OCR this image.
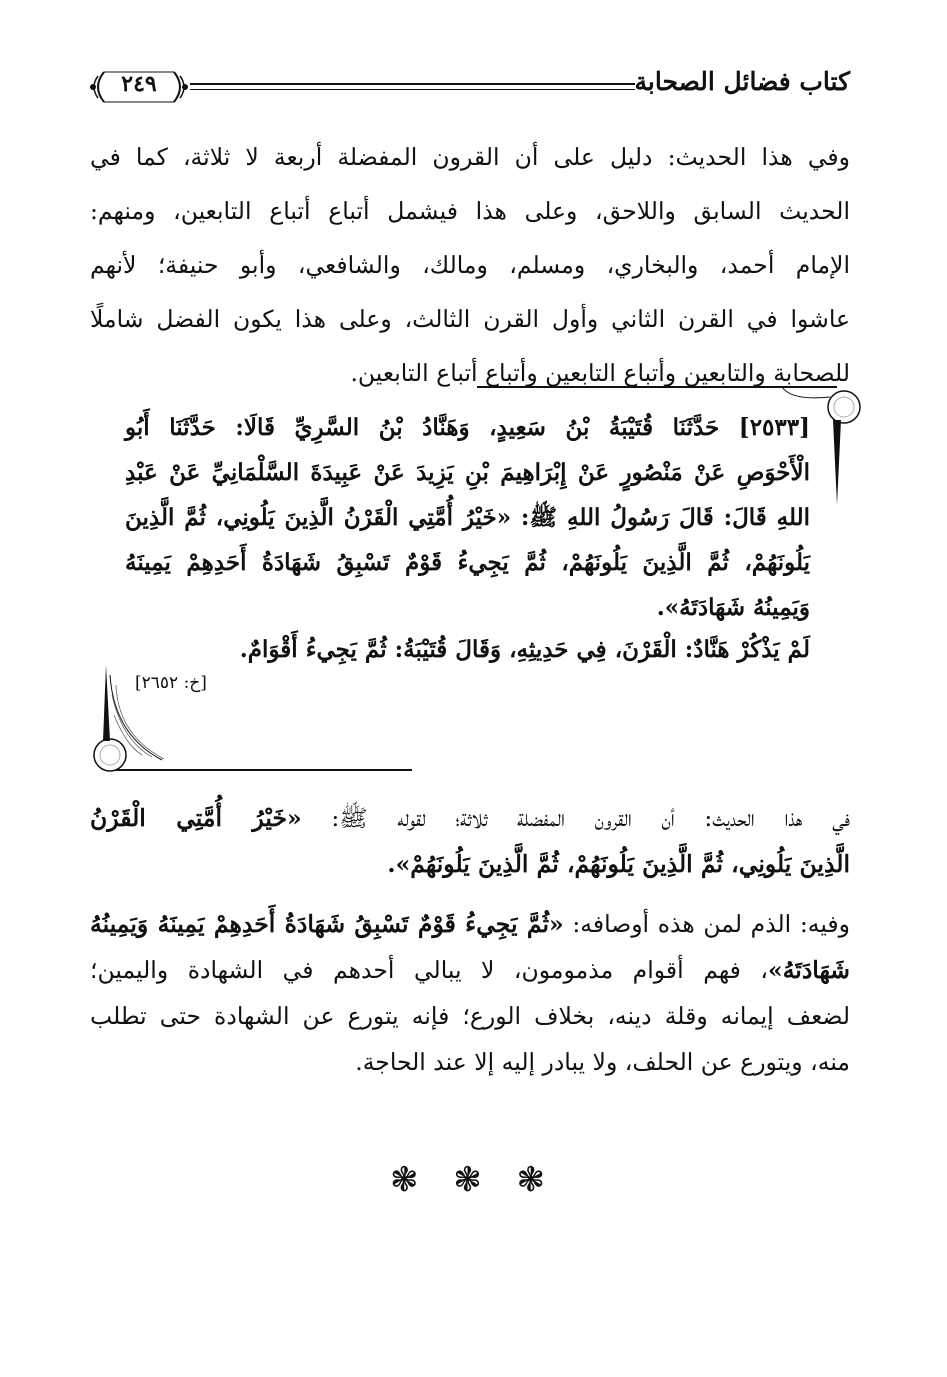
كتاب فضائل الصحابة
٢٤٩
وفي هذا الحديث: دليل على أن القرون المفضلة أربعة لا ثلاثة، كما في
الحديث السابق واللاحق، وعلى هذا فيشمل أتباع أتباع التابعين، ومنهم:
الإمام أحمد، والبخاري، ومسلم، ومالك، والشافعي، وأبو حنيفة؛ لأنهم
عاشوا في القرن الثاني وأول القرن الثالث، وعلى هذا يكون الفضل شاملًا
للصحابة والتابعين وأتباع التابعين وأتباع أتباع التابعين.
[٢٥٣٣] حَدَّثَنَا قُتَيْبَةُ بْنُ سَعِيدٍ، وَهَنَّادُ بْنُ السَّرِيِّ قَالَا: حَدَّثَنَا أَبُو
الْأَحْوَصِ عَنْ مَنْصُورٍ عَنْ إِبْرَاهِيمَ بْنِ يَزِيدَ عَنْ عَبِيدَةَ السَّلْمَانِيِّ عَنْ عَبْدِ
اللهِ قَالَ: قَالَ رَسُولُ اللهِ ﷺ: «خَيْرُ أُمَّتِي الْقَرْنُ الَّذِينَ يَلُونِي، ثُمَّ الَّذِينَ
يَلُونَهُمْ، ثُمَّ الَّذِينَ يَلُونَهُمْ، ثُمَّ يَجِيءُ قَوْمٌ تَسْبِقُ شَهَادَةُ أَحَدِهِمْ يَمِينَهُ
وَيَمِينُهُ شَهَادَتَهُ».
لَمْ يَذْكُرْ هَنَّادٌ: الْقَرْنَ، فِي حَدِيثِهِ، وَقَالَ قُتَيْبَةُ: ثُمَّ يَجِيءُ أَقْوَامٌ.
[خ: ٢٦٥٢]
في هذا الحديث: أن القرون المفضلة ثلاثة؛ لقوله ﷺ: «خَيْرُ أُمَّتِي الْقَرْنُ
الَّذِينَ يَلُونِي، ثُمَّ الَّذِينَ يَلُونَهُمْ، ثُمَّ الَّذِينَ يَلُونَهُمْ».
وفيه: الذم لمن هذه أوصافه: «ثُمَّ يَجِيءُ قَوْمٌ تَسْبِقُ شَهَادَةُ أَحَدِهِمْ يَمِينَهُ وَيَمِينُهُ
شَهَادَتَهُ»، فهم أقوام مذمومون، لا يبالي أحدهم في الشهادة واليمين؛
لضعف إيمانه وقلة دينه، بخلاف الورع؛ فإنه يتورع عن الشهادة حتى تطلب
منه، ويتورع عن الحلف، ولا يبادر إليه إلا عند الحاجة.
❃ ❃ ❃
